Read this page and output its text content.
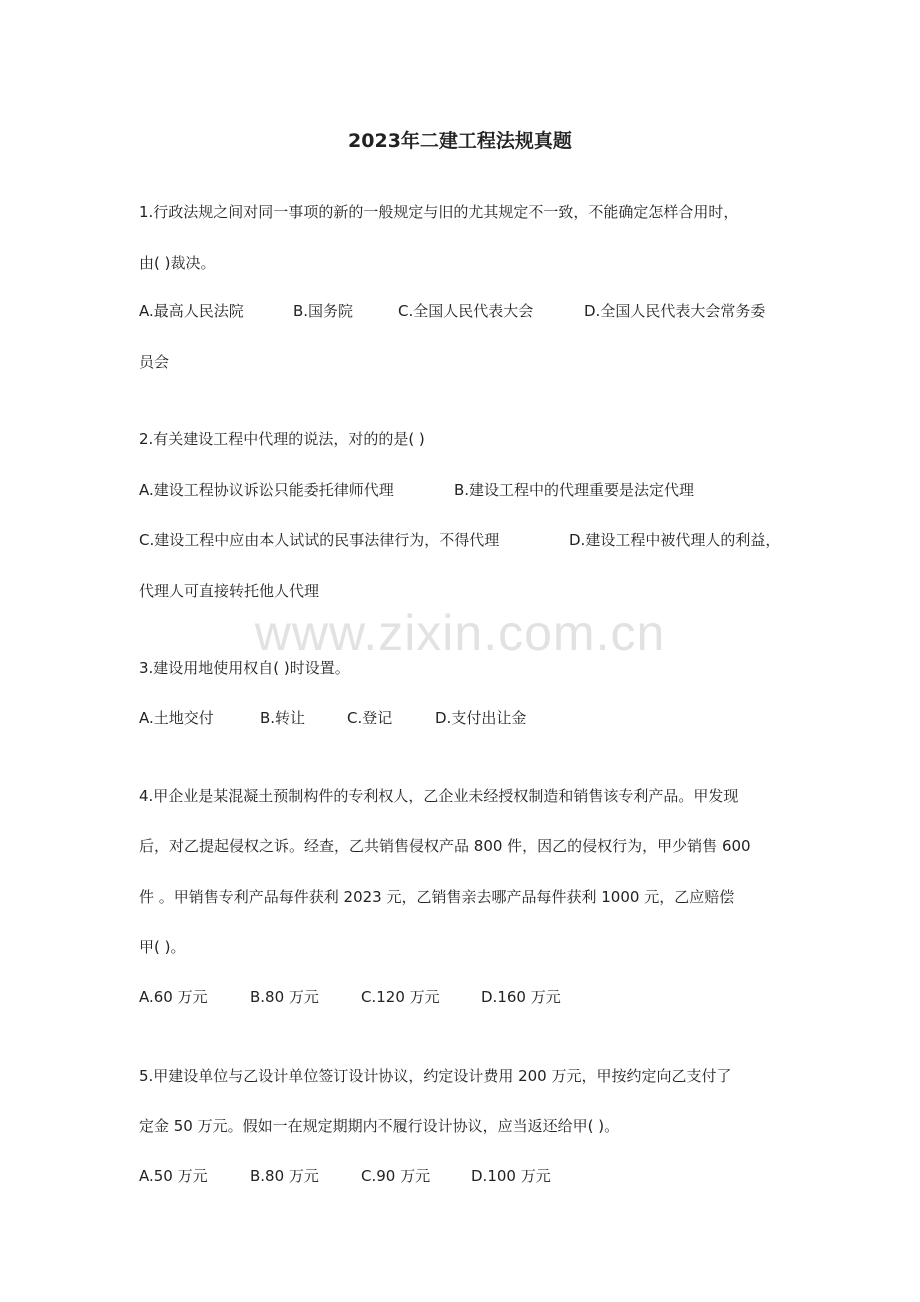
www.zixin.com.cn
2023年二建工程法规真题
1.行政法规之间对同一事项的新的一般规定与旧的尤其规定不一致，不能确定怎样合用时，
由( )裁决。
A.最高人民法院	B.国务院	C.全国人民代表大会	D.全国人民代表大会常务委
员会
2.有关建设工程中代理的说法，对的的是( )
A.建设工程协议诉讼只能委托律师代理	B.建设工程中的代理重要是法定代理
C.建设工程中应由本人试试的民事法律行为，不得代理	D.建设工程中被代理人的利益，
代理人可直接转托他人代理
3.建设用地使用权自( )时设置。
A.土地交付	B.转让	C.登记	D.支付出让金
4.甲企业是某混凝土预制构件的专利权人，乙企业未经授权制造和销售该专利产品。甲发现
后，对乙提起侵权之诉。经查，乙共销售侵权产品 800 件，因乙的侵权行为，甲少销售 600
件 。甲销售专利产品每件获利 2023 元，乙销售亲去哪产品每件获利 1000 元，乙应赔偿
甲( )。
A.60 万元	B.80 万元	C.120 万元	D.160 万元
5.甲建设单位与乙设计单位签订设计协议，约定设计费用 200 万元，甲按约定向乙支付了
定金 50 万元。假如一在规定期期内不履行设计协议，应当返还给甲( )。
A.50 万元	B.80 万元	C.90 万元	D.100 万元
